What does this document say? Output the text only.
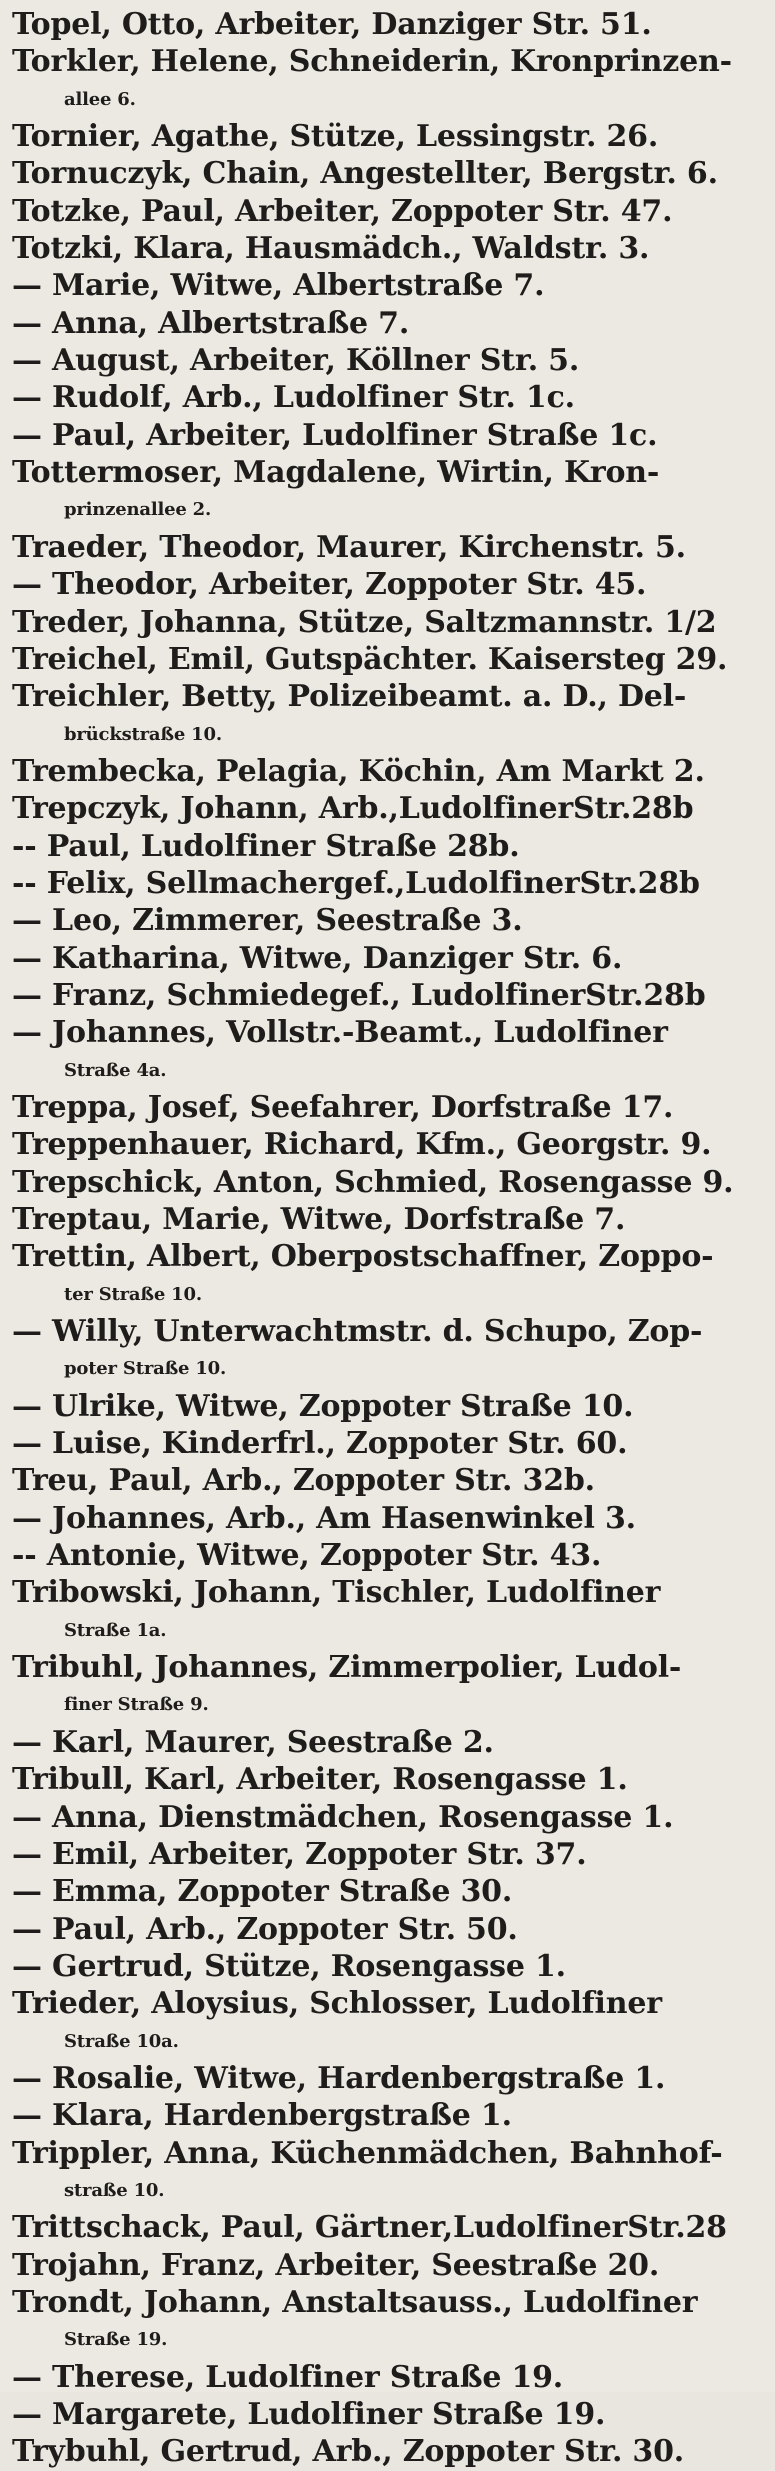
Topel, Otto, Arbeiter, Danziger Str. 51.
Torkler, Helene, Schneiderin, Kronprinzen-
allee 6.
Tornier, Agathe, Stütze, Lessingstr. 26.
Tornuczyk, Chain, Angestellter, Bergstr. 6.
Totzke, Paul, Arbeiter, Zoppoter Str. 47.
Totzki, Klara, Hausmädch., Waldstr. 3.
— Marie, Witwe, Albertstraße 7.
— Anna, Albertstraße 7.
— August, Arbeiter, Köllner Str. 5.
— Rudolf, Arb., Ludolfiner Str. 1c.
— Paul, Arbeiter, Ludolfiner Straße 1c.
Tottermoser, Magdalene, Wirtin, Kron-
prinzenallee 2.
Traeder, Theodor, Maurer, Kirchenstr. 5.
— Theodor, Arbeiter, Zoppoter Str. 45.
Treder, Johanna, Stütze, Saltzmannstr. 1/2
Treichel, Emil, Gutspächter. Kaisersteg 29.
Treichler, Betty, Polizeibeamt. a. D., Del-
brückstraße 10.
Trembecka, Pelagia, Köchin, Am Markt 2.
Trepczyk, Johann, Arb.,LudolfinerStr.28b
-- Paul, Ludolfiner Straße 28b.
-- Felix, Sellmachergef.,LudolfinerStr.28b
— Leo, Zimmerer, Seestraße 3.
— Katharina, Witwe, Danziger Str. 6.
— Franz, Schmiedegef., LudolfinerStr.28b
— Johannes, Vollstr.-Beamt., Ludolfiner
Straße 4a.
Treppa, Josef, Seefahrer, Dorfstraße 17.
Treppenhauer, Richard, Kfm., Georgstr. 9.
Trepschick, Anton, Schmied, Rosengasse 9.
Treptau, Marie, Witwe, Dorfstraße 7.
Trettin, Albert, Oberpostschaffner, Zoppo-
ter Straße 10.
— Willy, Unterwachtmstr. d. Schupo, Zop-
poter Straße 10.
— Ulrike, Witwe, Zoppoter Straße 10.
— Luise, Kinderfrl., Zoppoter Str. 60.
Treu, Paul, Arb., Zoppoter Str. 32b.
— Johannes, Arb., Am Hasenwinkel 3.
-- Antonie, Witwe, Zoppoter Str. 43.
Tribowski, Johann, Tischler, Ludolfiner
Straße 1a.
Tribuhl, Johannes, Zimmerpolier, Ludol-
finer Straße 9.
— Karl, Maurer, Seestraße 2.
Tribull, Karl, Arbeiter, Rosengasse 1.
— Anna, Dienstmädchen, Rosengasse 1.
— Emil, Arbeiter, Zoppoter Str. 37.
— Emma, Zoppoter Straße 30.
— Paul, Arb., Zoppoter Str. 50.
— Gertrud, Stütze, Rosengasse 1.
Trieder, Aloysius, Schlosser, Ludolfiner
Straße 10a.
— Rosalie, Witwe, Hardenbergstraße 1.
— Klara, Hardenbergstraße 1.
Trippler, Anna, Küchenmädchen, Bahnhof-
straße 10.
Trittschack, Paul, Gärtner,LudolfinerStr.28
Trojahn, Franz, Arbeiter, Seestraße 20.
Trondt, Johann, Anstaltsauss., Ludolfiner
Straße 19.
— Therese, Ludolfiner Straße 19.
— Margarete, Ludolfiner Straße 19.
Trybuhl, Gertrud, Arb., Zoppoter Str. 30.
